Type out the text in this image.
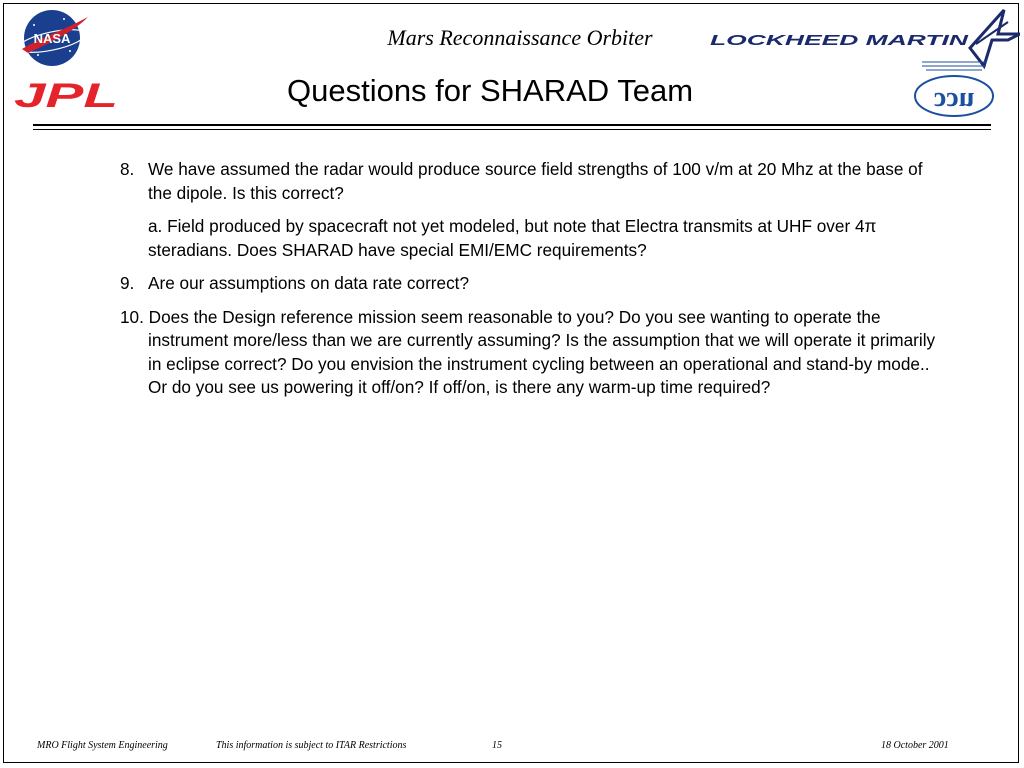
NASA
JPL
LOCKHEED MARTIN
ucc
Mars Reconnaissance Orbiter
Questions for SHARAD Team
8. We have assumed the radar would produce source field strengths of 100 v/m at 20 Mhz at the base of the dipole. Is this correct?
a. Field produced by spacecraft not yet modeled, but note that Electra transmits at UHF over 4π steradians. Does SHARAD have special EMI/EMC requirements?
9. Are our assumptions on data rate correct?
10. Does the Design reference mission seem reasonable to you? Do you see wanting to operate the instrument more/less than we are currently assuming? Is the assumption that we will operate it primarily in eclipse correct? Do you envision the instrument cycling between an operational and stand-by mode.. Or do you see us powering it off/on? If off/on, is there any warm-up time required?
MRO Flight System Engineering	This information is subject to ITAR Restrictions	15	18 October 2001
